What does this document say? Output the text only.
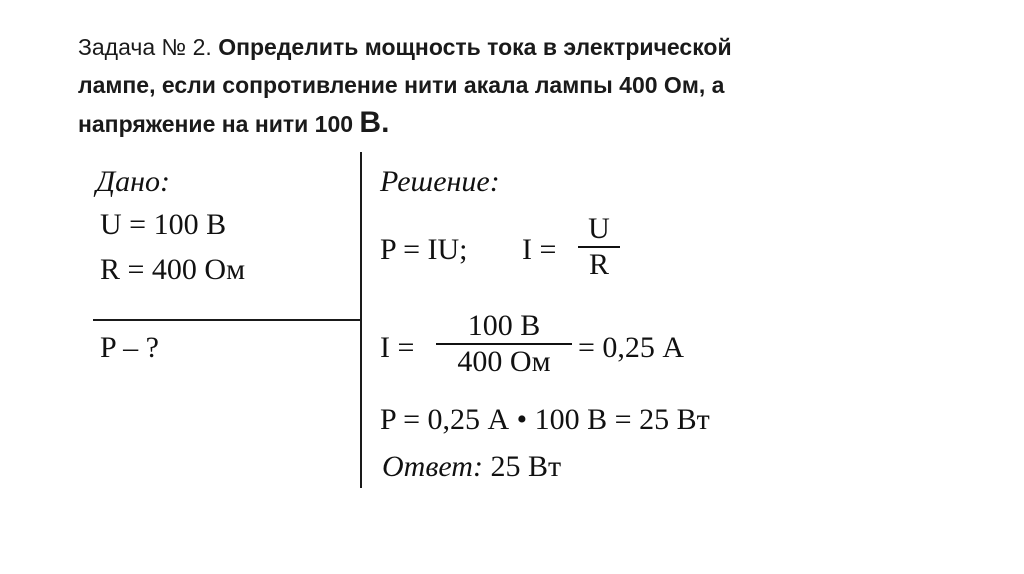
Задача № 2. Определить мощность тока в электрической
лампе, если сопротивление нити акала лампы 400 Ом, а
напряжение на нити 100 В.
Дано:
U = 100 В
R = 400 Ом
P – ?
Решение:
P = IU; I =
U
R
I =
100 В
400 Ом = 0,25 А
P = 0,25 А • 100 В = 25 Вт
Ответ: 25 Вт
